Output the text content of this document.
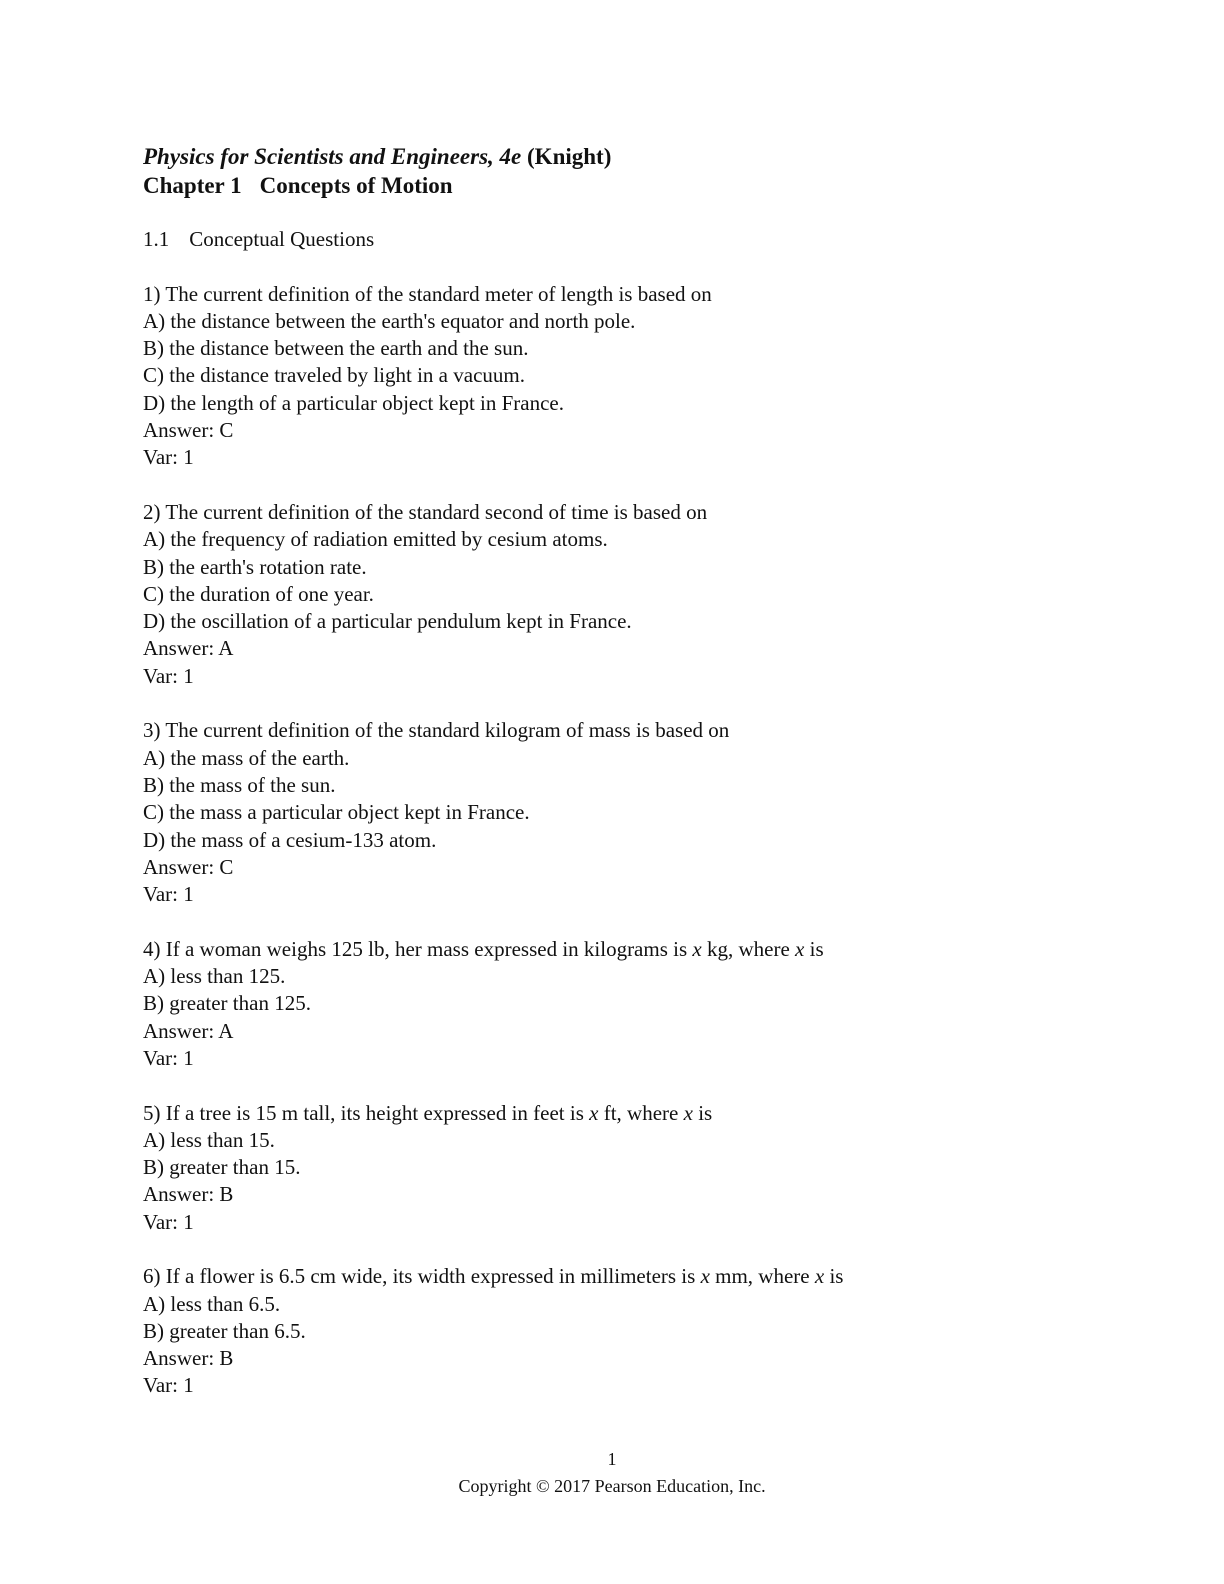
Physics for Scientists and Engineers, 4e (Knight)
Chapter 1 Concepts of Motion
1.1 Conceptual Questions
1) The current definition of the standard meter of length is based on
A) the distance between the earth's equator and north pole.
B) the distance between the earth and the sun.
C) the distance traveled by light in a vacuum.
D) the length of a particular object kept in France.
Answer: C
Var: 1
2) The current definition of the standard second of time is based on
A) the frequency of radiation emitted by cesium atoms.
B) the earth's rotation rate.
C) the duration of one year.
D) the oscillation of a particular pendulum kept in France.
Answer: A
Var: 1
3) The current definition of the standard kilogram of mass is based on
A) the mass of the earth.
B) the mass of the sun.
C) the mass a particular object kept in France.
D) the mass of a cesium-133 atom.
Answer: C
Var: 1
4) If a woman weighs 125 lb, her mass expressed in kilograms is x kg, where x is
A) less than 125.
B) greater than 125.
Answer: A
Var: 1
5) If a tree is 15 m tall, its height expressed in feet is x ft, where x is
A) less than 15.
B) greater than 15.
Answer: B
Var: 1
6) If a flower is 6.5 cm wide, its width expressed in millimeters is x mm, where x is
A) less than 6.5.
B) greater than 6.5.
Answer: B
Var: 1
1
Copyright © 2017 Pearson Education, Inc.
